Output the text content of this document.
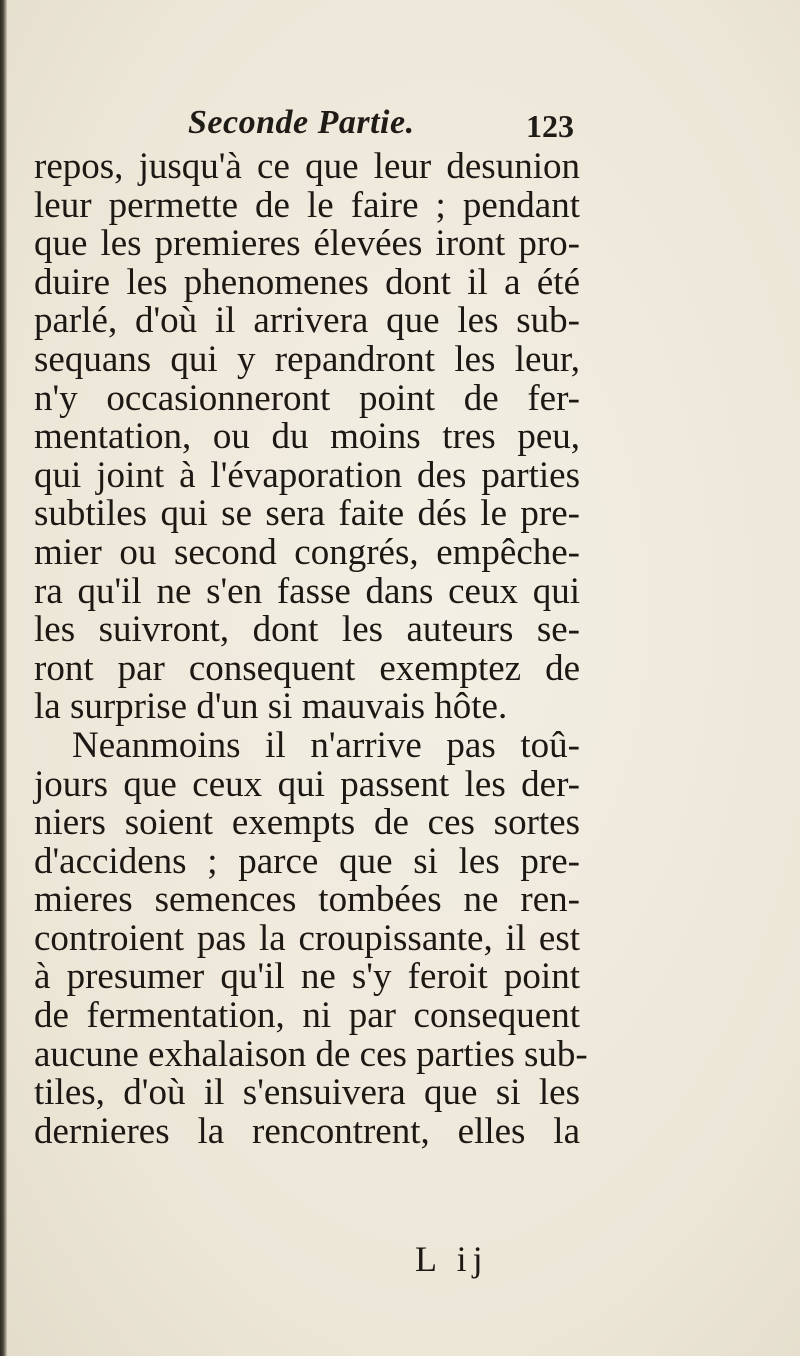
Seconde Partie.	123
repos, jusqu'à ce que leur desunion
leur permette de le faire ; pendant
que les premieres élevées iront pro-
duire les phenomenes dont il a été
parlé, d'où il arrivera que les sub-
sequans qui y repandront les leur,
n'y occasionneront point de fer-
mentation, ou du moins tres peu,
qui joint à l'évaporation des parties
subtiles qui se sera faite dés le pre-
mier ou second congrés, empêche-
ra qu'il ne s'en fasse dans ceux qui
les suivront, dont les auteurs se-
ront par consequent exemptez de
la surprise d'un si mauvais hôte.
Neanmoins il n'arrive pas toû-
jours que ceux qui passent les der-
niers soient exempts de ces sortes
d'accidens ; parce que si les pre-
mieres semences tombées ne ren-
controient pas la croupissante, il est
à presumer qu'il ne s'y feroit point
de fermentation, ni par consequent
aucune exhalaison de ces parties sub-
tiles, d'où il s'ensuivera que si les
dernieres la rencontrent, elles la
L ij
